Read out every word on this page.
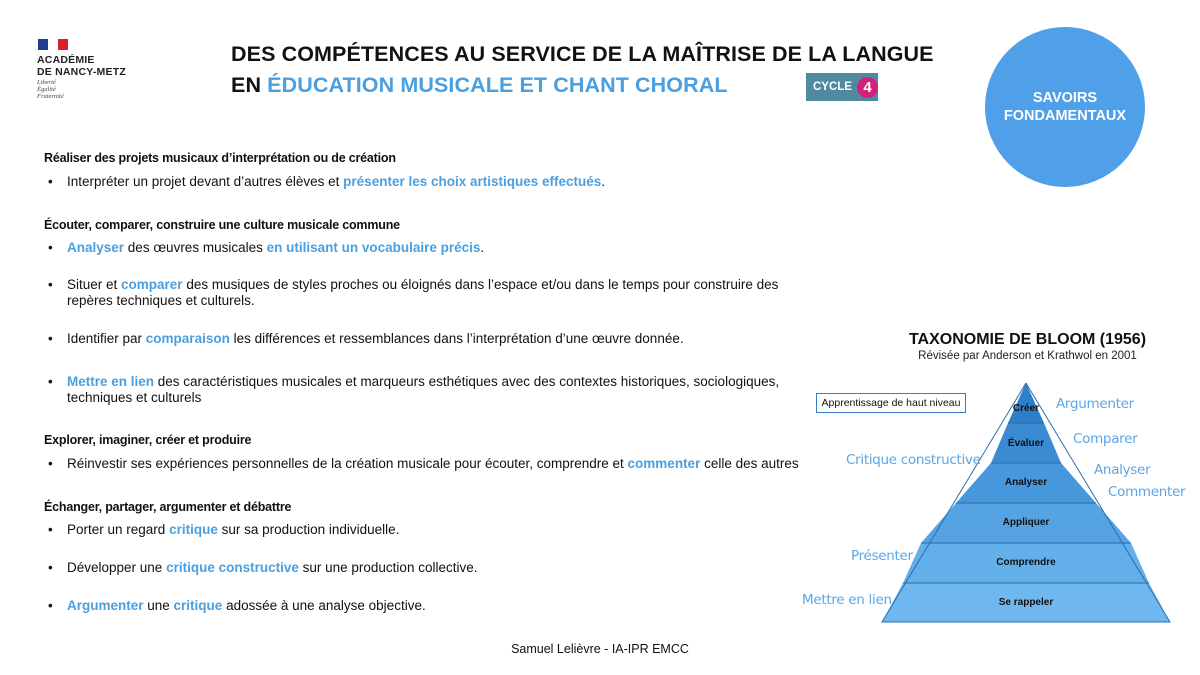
ACADÉMIE
DE NANCY-METZ
Liberté
Égalité
Fraternité
DES COMPÉTENCES AU SERVICE DE LA MAÎTRISE DE LA LANGUE
EN ÉDUCATION MUSICALE ET CHANT CHORAL	CYCLE 4
SAVOIRS
FONDAMENTAUX
Réaliser des projets musicaux d’interprétation ou de création
• Interpréter un projet devant d’autres élèves et présenter les choix artistiques effectués.
Écouter, comparer, construire une culture musicale commune
• Analyser des œuvres musicales en utilisant un vocabulaire précis.
• Situer et comparer des musiques de styles proches ou éloignés dans l’espace et/ou dans le temps pour construire des repères techniques et culturels.
• Identifier par comparaison les différences et ressemblances dans l’interprétation d’une œuvre donnée.
• Mettre en lien des caractéristiques musicales et marqueurs esthétiques avec des contextes historiques, sociologiques, techniques et culturels
Explorer, imaginer, créer et produire
• Réinvestir ses expériences personnelles de la création musicale pour écouter, comprendre et commenter celle des autres
Échanger, partager, argumenter et débattre
• Porter un regard critique sur sa production individuelle.
• Développer une critique constructive sur une production collective.
• Argumenter une critique adossée à une analyse objective.
TAXONOMIE DE BLOOM (1956)
Révisée par Anderson et Krathwol en 2001
Apprentissage de haut niveau	Créer
Évaluer
Analyser
Appliquer
Comprendre
Se rappeler
Argumenter
Comparer
Critique constructive
Analyser
Commenter
Présenter
Mettre en lien
Samuel Lelièvre - IA-IPR EMCC
